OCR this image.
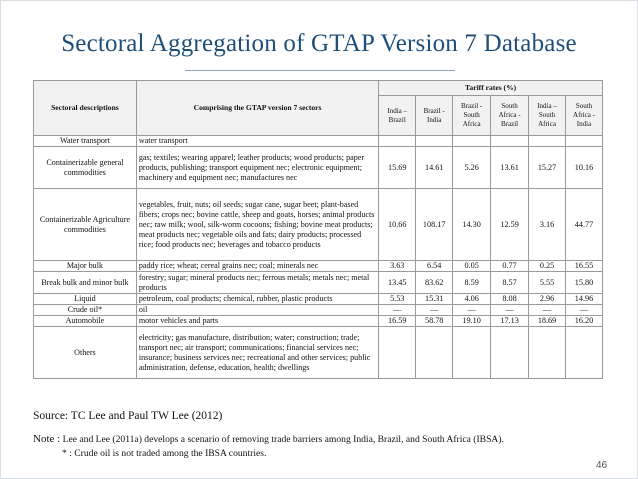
Sectoral Aggregation of GTAP Version 7 Database
Sectoral descriptions	Comprising the GTAP version 7 sectors	Tariff rates (%)					
		India – Brazil	Brazil - India	Brazil - South Africa	South Africa - Brazil	India – South Africa	South Africa - India
Water transport	water transport						
Containerizable general commodities	gas; textiles; wearing apparel; leather products; wood products; paper products, publishing; transport equipment nec; electronic equipment; machinery and equipment nec; manufactures nec	15.69	14.61	5.26	13.61	15.27	10.16
Containerizable Agriculture commodities	vegetables, fruit, nuts; oil seeds; sugar cane, sugar beet; plant-based fibers; crops nec; bovine cattle, sheep and goats, horses; animal products nec; raw milk; wool, silk-worm cocoons; fishing; bovine meat products; meat products nec; vegetable oils and fats; dairy products; processed rice; food products nec; beverages and tobacco products	10.66	108.17	14.30	12.59	3.16	44.77
Major bulk	paddy rice; wheat; cereal grains nec; coal; minerals nec	3.63	6.54	0.05	0.77	0.25	16.55
Break bulk and minor bulk	forestry; sugar; mineral products nec; ferrous metals; metals nec; metal products	13.45	83.62	8.59	8.57	5.55	15.80
Liquid	petroleum, coal products; chemical, rubber, plastic products	5.53	15.31	4.06	8.08	2.96	14.96
Crude oil*	oil	—	—	—	—	—	—
Automobile	motor vehicles and parts	16.59	58.78	19.10	17.13	18.69	16.20
Others	electricity; gas manufacture, distribution; water; construction; trade; transport nec; air transport; communications; financial services nec; insurance; business services nec; recreational and other services; public administration, defense, education, health; dwellings						
Source: TC Lee and Paul TW Lee (2012)
Note : Lee and Lee (2011a) develops a scenario of removing trade barriers among India, Brazil, and South Africa (IBSA).
* : Crude oil is not traded among the IBSA countries.
46
